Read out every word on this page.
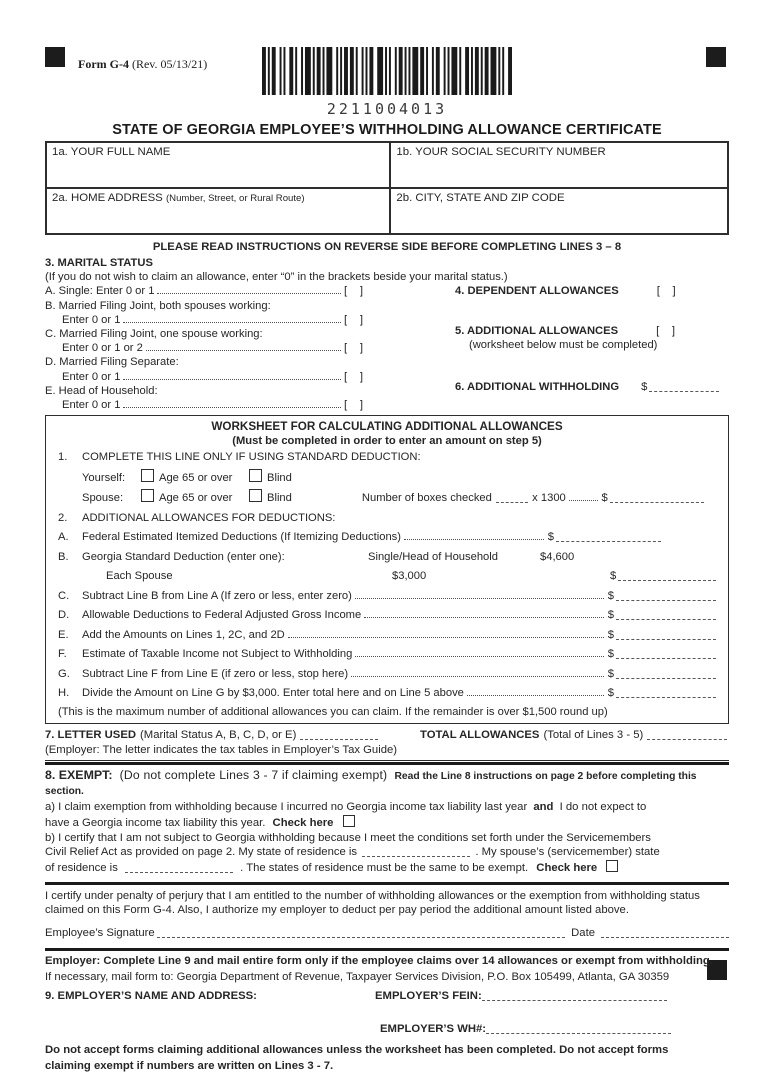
Form G-4 (Rev. 05/13/21)
2211004013
STATE OF GEORGIA EMPLOYEE’S WITHHOLDING ALLOWANCE CERTIFICATE
1a. YOUR FULL NAME	1b. YOUR SOCIAL SECURITY NUMBER
2a. HOME ADDRESS (Number, Street, or Rural Route)	2b. CITY, STATE AND ZIP CODE
PLEASE READ INSTRUCTIONS ON REVERSE SIDE BEFORE COMPLETING LINES 3 – 8
3. MARITAL STATUS
(If you do not wish to claim an allowance, enter “0” in the brackets beside your marital status.)
A. Single: Enter 0 or 1	[    ]
B. Married Filing Joint, both spouses working:
Enter 0 or 1	[    ]
C. Married Filing Joint, one spouse working:
Enter 0 or 1 or 2	[    ]
D. Married Filing Separate:
Enter 0 or 1	[    ]
E. Head of Household:
Enter 0 or 1	[    ]
4. DEPENDENT ALLOWANCES	[    ]
5. ADDITIONAL ALLOWANCES	[    ]
(worksheet below must be completed)
6. ADDITIONAL WITHHOLDING $
WORKSHEET FOR CALCULATING ADDITIONAL ALLOWANCES
(Must be completed in order to enter an amount on step 5)
1.	COMPLETE THIS LINE ONLY IF USING STANDARD DEDUCTION:
Yourself:	Age 65 or over	Blind
Spouse:	Age 65 or over	Blind	Number of boxes checked	x 1300	$
2.	ADDITIONAL ALLOWANCES FOR DEDUCTIONS:
A.	Federal Estimated Itemized Deductions (If Itemizing Deductions)	$
B.	Georgia Standard Deduction (enter one):	Single/Head of Household	$4,600
Each Spouse	$3,000	$
C.	Subtract Line B from Line A (If zero or less, enter zero)	$
D.	Allowable Deductions to Federal Adjusted Gross Income	$
E.	Add the Amounts on Lines 1, 2C, and 2D	$
F.	Estimate of Taxable Income not Subject to Withholding	$
G.	Subtract Line F from Line E (if zero or less, stop here)	$
H.	Divide the Amount on Line G by $3,000. Enter total here and on Line 5 above	$
(This is the maximum number of additional allowances you can claim. If the remainder is over $1,500 round up)
7. LETTER USED (Marital Status A, B, C, D, or E)	TOTAL ALLOWANCES (Total of Lines 3 - 5)
(Employer: The letter indicates the tax tables in Employer’s Tax Guide)
8. EXEMPT: (Do not complete Lines 3 - 7 if claiming exempt) Read the Line 8 instructions on page 2 before completing this section.
a) I claim exemption from withholding because I incurred no Georgia income tax liability last year and I do not expect to
have a Georgia income tax liability this year. Check here
b) I certify that I am not subject to Georgia withholding because I meet the conditions set forth under the Servicemembers
Civil Relief Act as provided on page 2. My state of residence is	. My spouse’s (servicemember) state
of residence is	. The states of residence must be the same to be exempt. Check here
I certify under penalty of perjury that I am entitled to the number of withholding allowances or the exemption from withholding status
claimed on this Form G-4. Also, I authorize my employer to deduct per pay period the additional amount listed above.
Employee’s Signature	Date
Employer: Complete Line 9 and mail entire form only if the employee claims over 14 allowances or exempt from withholding.
If necessary, mail form to: Georgia Department of Revenue, Taxpayer Services Division, P.O. Box 105499, Atlanta, GA 30359
9. EMPLOYER’S NAME AND ADDRESS:	EMPLOYER’S FEIN:
EMPLOYER’S WH#:
Do not accept forms claiming additional allowances unless the worksheet has been completed. Do not accept forms
claiming exempt if numbers are written on Lines 3 - 7.
